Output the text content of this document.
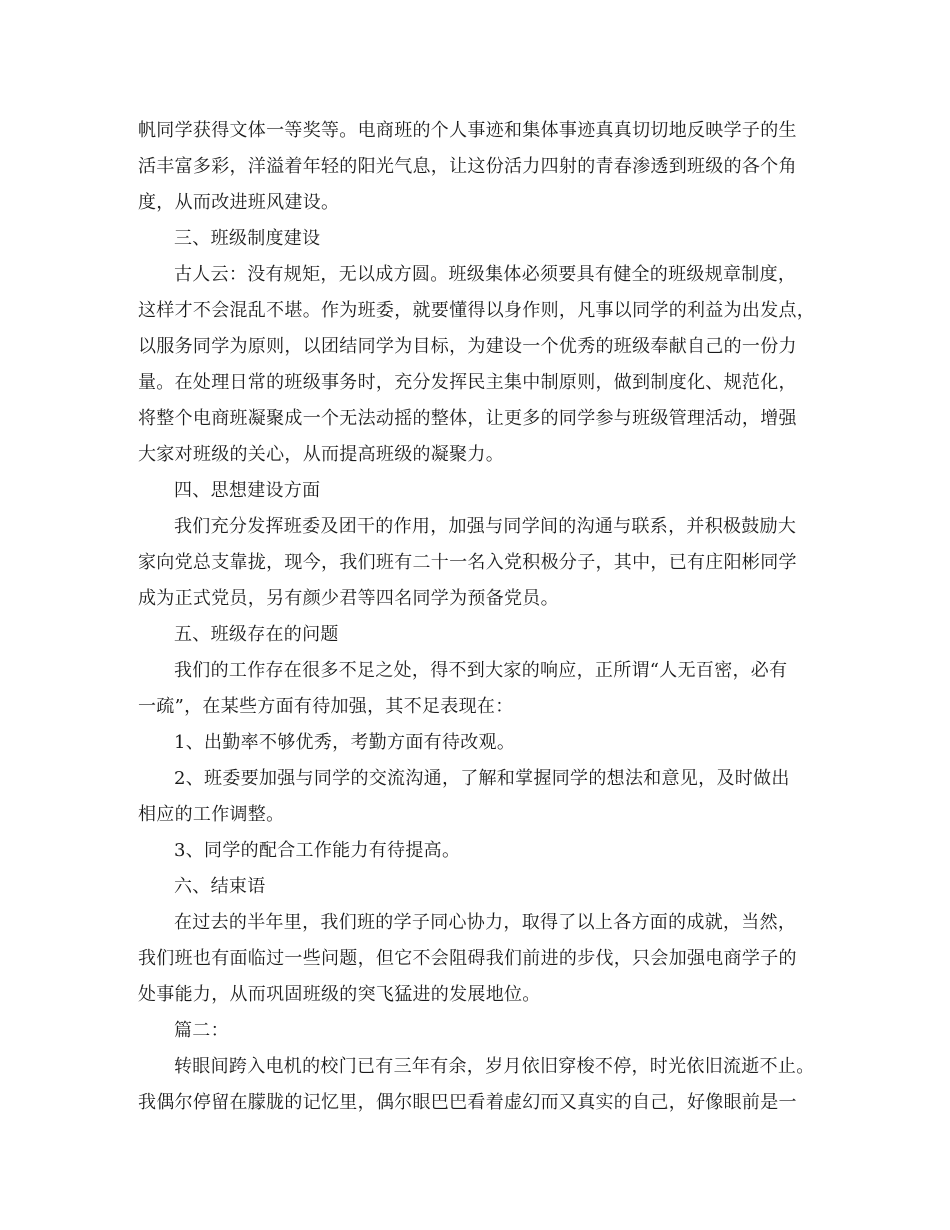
帆同学获得文体一等奖等。电商班的个人事迹和集体事迹真真切切地反映学子的生
活丰富多彩，洋溢着年轻的阳光气息，让这份活力四射的青春渗透到班级的各个角
度，从而改进班风建设。
三、班级制度建设
古人云：没有规矩，无以成方圆。班级集体必须要具有健全的班级规章制度，
这样才不会混乱不堪。作为班委，就要懂得以身作则，凡事以同学的利益为出发点，
以服务同学为原则，以团结同学为目标，为建设一个优秀的班级奉献自己的一份力
量。在处理日常的班级事务时，充分发挥民主集中制原则，做到制度化、规范化，
将整个电商班凝聚成一个无法动摇的整体，让更多的同学参与班级管理活动，增强
大家对班级的关心，从而提高班级的凝聚力。
四、思想建设方面
我们充分发挥班委及团干的作用，加强与同学间的沟通与联系，并积极鼓励大
家向党总支靠拢，现今，我们班有二十一名入党积极分子，其中，已有庄阳彬同学
成为正式党员，另有颜少君等四名同学为预备党员。
五、班级存在的问题
我们的工作存在很多不足之处，得不到大家的响应，正所谓“人无百密，必有
一疏”，在某些方面有待加强，其不足表现在：
1、出勤率不够优秀，考勤方面有待改观。
2、班委要加强与同学的交流沟通，了解和掌握同学的想法和意见，及时做出
相应的工作调整。
3、同学的配合工作能力有待提高。
六、结束语
在过去的半年里，我们班的学子同心协力，取得了以上各方面的成就，当然，
我们班也有面临过一些问题，但它不会阻碍我们前进的步伐，只会加强电商学子的
处事能力，从而巩固班级的突飞猛进的发展地位。
篇二：
转眼间跨入电机的校门已有三年有余，岁月依旧穿梭不停，时光依旧流逝不止。
我偶尔停留在朦胧的记忆里，偶尔眼巴巴看着虚幻而又真实的自己，好像眼前是一
